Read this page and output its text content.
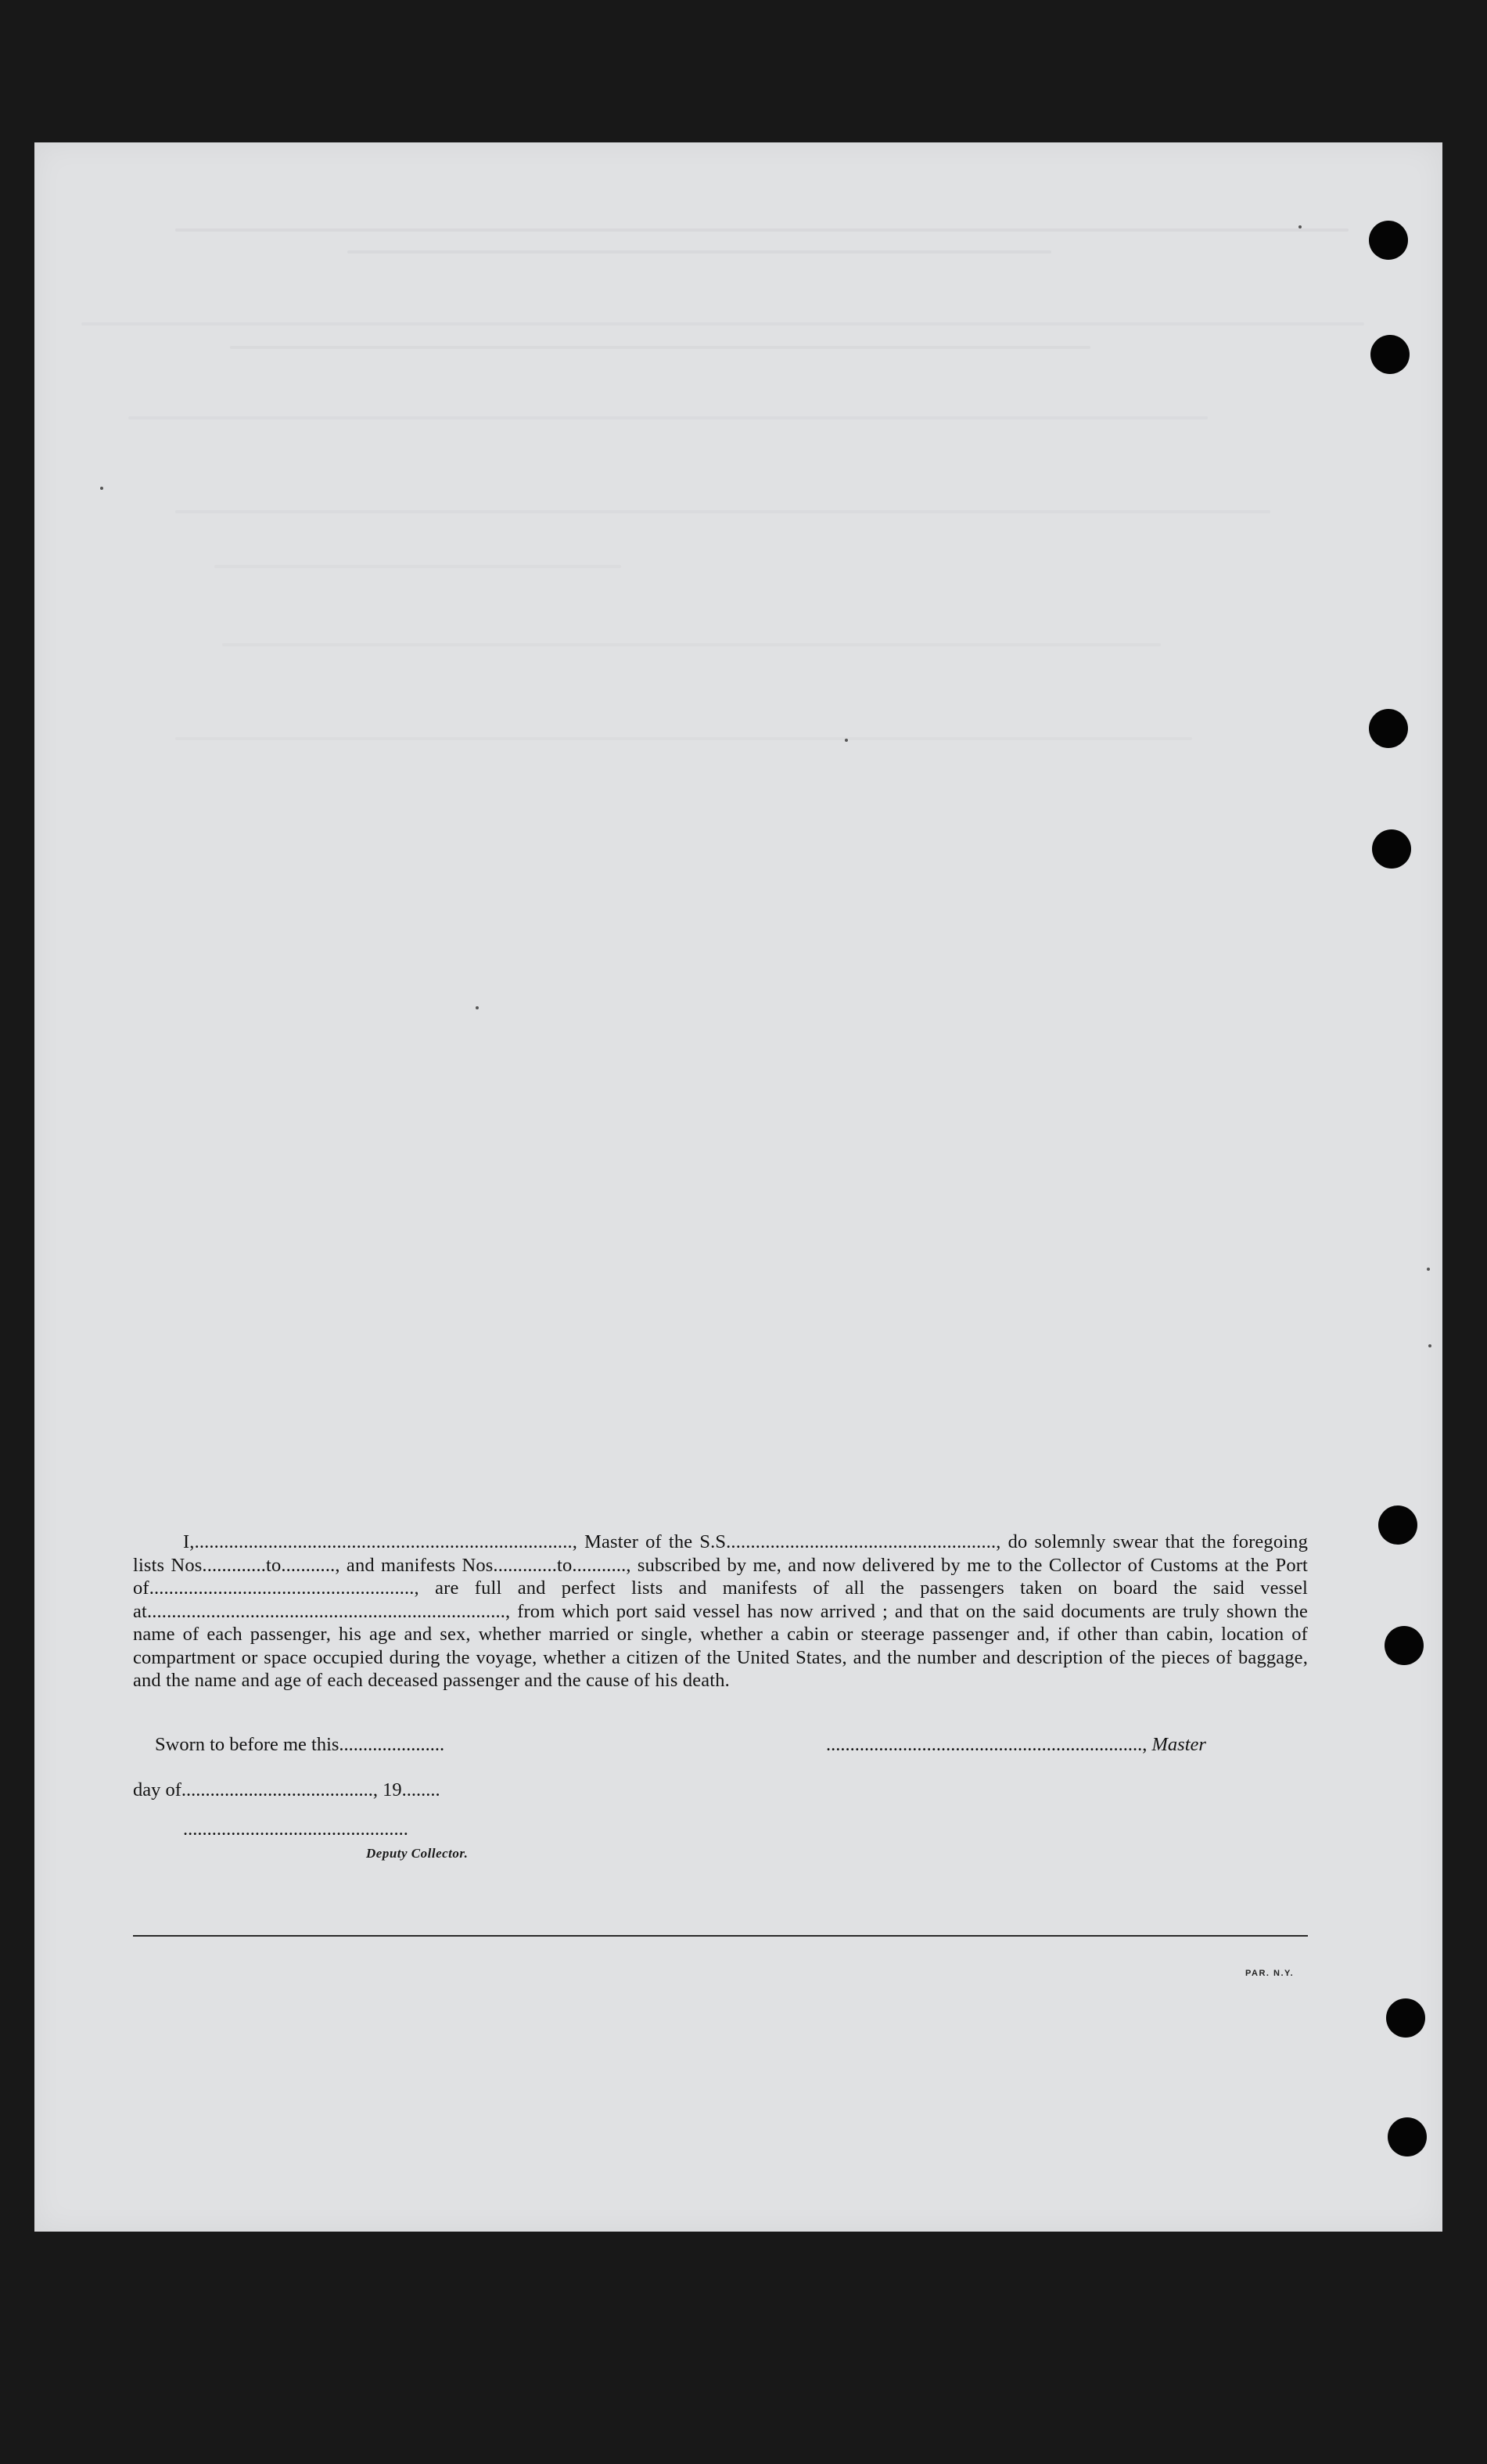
I,............................................................................., Master of the S.S......................................................., do solemnly swear that the foregoing lists Nos.............to..........., and manifests Nos.............to..........., subscribed by me, and now delivered by me to the Collector of Customs at the Port of......................................................, are full and perfect lists and manifests of all the passengers taken on board the said vessel at........................................................................., from which port said vessel has now arrived ; and that on the said documents are truly shown the name of each passenger, his age and sex, whether married or single, whether a cabin or steerage passenger and, if other than cabin, location of compartment or space occupied during the voyage, whether a citizen of the United States, and the number and description of the pieces of baggage, and the name and age of each deceased passenger and the cause of his death.

Sworn to before me this......................	.................................................................., Master
day of........................................, 19........
...............................................
Deputy Collector.
PAR. N.Y.
